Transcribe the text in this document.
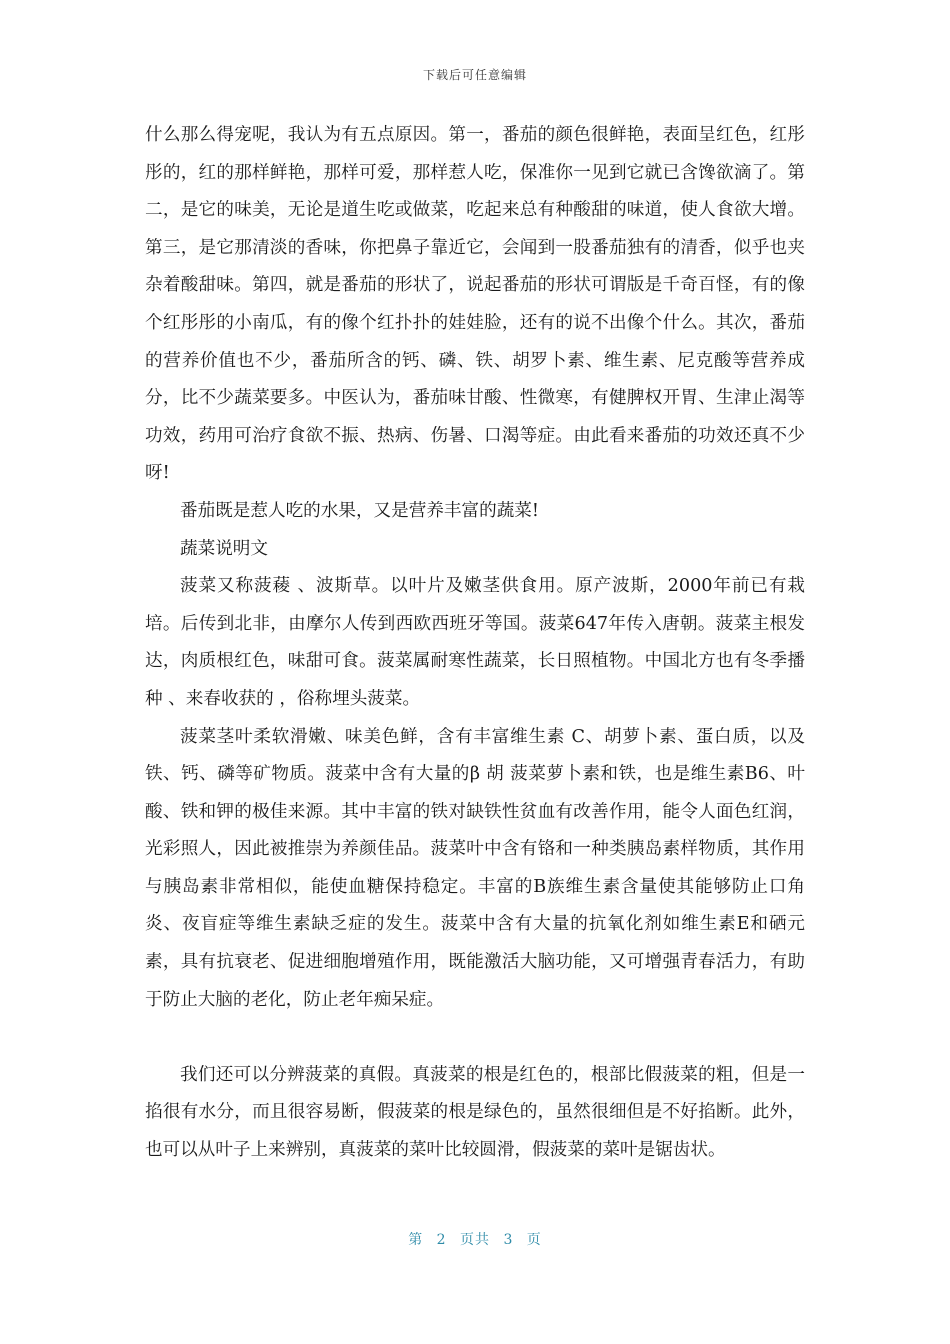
下载后可任意编辑

什么那么得宠呢，我认为有五点原因。第一，番茄的颜色很鲜艳，表面呈红色，红彤彤的，红的那样鲜艳，那样可爱，那样惹人吃，保准你一见到它就已含馋欲滴了。第二，是它的味美，无论是道生吃或做菜，吃起来总有种酸甜的味道，使人食欲大增。第三，是它那清淡的香味，你把鼻子靠近它，会闻到一股番茄独有的清香，似乎也夹杂着酸甜味。第四，就是番茄的形状了，说起番茄的形状可谓版是千奇百怪，有的像个红彤彤的小南瓜，有的像个红扑扑的娃娃脸，还有的说不出像个什么。其次，番茄的营养价值也不少，番茄所含的钙、磷、铁、胡罗卜素、维生素、尼克酸等营养成分，比不少蔬菜要多。中医认为，番茄味甘酸、性微寒，有健脾权开胃、生津止渴等功效，药用可治疗食欲不振、热病、伤暑、口渴等症。由此看来番茄的功效还真不少呀!

番茄既是惹人吃的水果，又是营养丰富的蔬菜!

蔬菜说明文

菠菜又称菠薐 、波斯草。以叶片及嫩茎供食用。原产波斯，2000年前已有栽培。后传到北非，由摩尔人传到西欧西班牙等国。菠菜647年传入唐朝。菠菜主根发达，肉质根红色，味甜可食。菠菜属耐寒性蔬菜，长日照植物。中国北方也有冬季播种 、来春收获的 ，俗称埋头菠菜。

菠菜茎叶柔软滑嫩、味美色鲜，含有丰富维生素 C、胡萝卜素、蛋白质，以及铁、钙、磷等矿物质。菠菜中含有大量的β 胡 菠菜萝卜素和铁，也是维生素B6、叶酸、铁和钾的极佳来源。其中丰富的铁对缺铁性贫血有改善作用，能令人面色红润，光彩照人，因此被推崇为养颜佳品。菠菜叶中含有铬和一种类胰岛素样物质，其作用与胰岛素非常相似，能使血糖保持稳定。丰富的B族维生素含量使其能够防止口角炎、夜盲症等维生素缺乏症的发生。菠菜中含有大量的抗氧化剂如维生素E和硒元素，具有抗衰老、促进细胞增殖作用，既能激活大脑功能，又可增强青春活力，有助于防止大脑的老化，防止老年痴呆症。

我们还可以分辨菠菜的真假。真菠菜的根是红色的，根部比假菠菜的粗，但是一掐很有水分，而且很容易断，假菠菜的根是绿色的，虽然很细但是不好掐断。此外，也可以从叶子上来辨别，真菠菜的菜叶比较圆滑，假菠菜的菜叶是锯齿状。

第 2 页共 3 页
